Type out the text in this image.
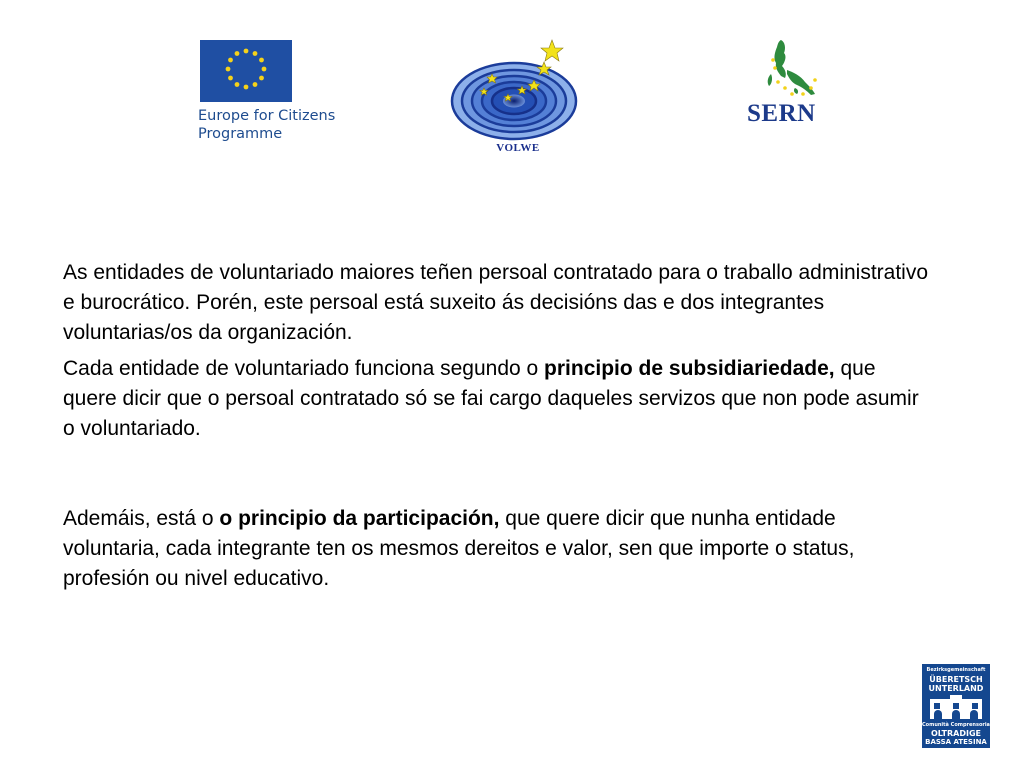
Europe for Citizens
Programme
VOLWE
SERN

As entidades de voluntariado maiores teñen persoal contratado para o traballo administrativo e burocrático. Porén, este persoal está suxeito ás decisións das e dos integrantes voluntarias/os da organización.

Cada entidade de voluntariado funciona segundo o principio de subsidiariedade, que quere dicir que o persoal contratado só se fai cargo daqueles servizos que non pode asumir o voluntariado.

Ademáis, está o o principio da participación, que quere dicir que nunha entidade voluntaria, cada integrante ten os mesmos dereitos e valor, sen que importe o status, profesión ou nivel educativo.

Bezirksgemeinschaft
ÜBERETSCH
UNTERLAND
Comunità Comprensoriale
OLTRADIGE
BASSA ATESINA
